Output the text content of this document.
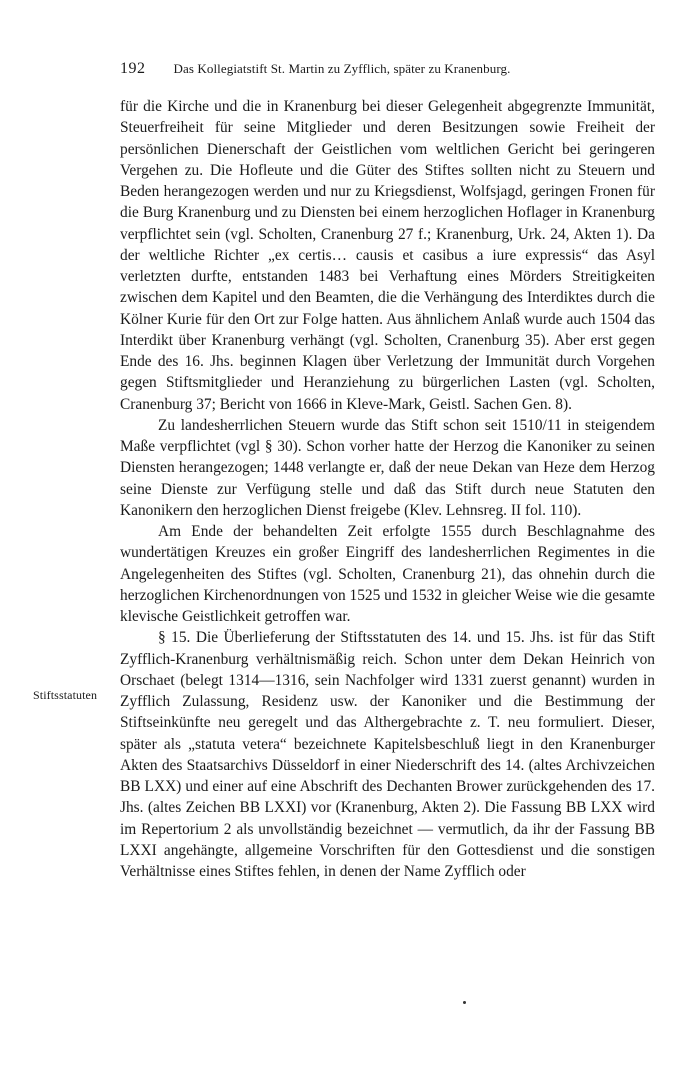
192 Das Kollegiatstift St. Martin zu Zyfflich, später zu Kranenburg.
Stiftsstatuten

für die Kirche und die in Kranenburg bei dieser Gelegenheit abgegrenzte Immunität, Steuerfreiheit für seine Mitglieder und deren Besitzungen sowie Freiheit der persönlichen Dienerschaft der Geistlichen vom weltlichen Gericht bei geringeren Vergehen zu. Die Hofleute und die Güter des Stiftes sollten nicht zu Steuern und Beden herangezogen werden und nur zu Kriegsdienst, Wolfsjagd, geringen Fronen für die Burg Kranenburg und zu Diensten bei einem herzoglichen Hoflager in Kranenburg verpflichtet sein (vgl. Scholten, Cranenburg 27 f.; Kranenburg, Urk. 24, Akten 1). Da der weltliche Richter „ex certis… causis et casibus a iure expressis“ das Asyl verletzten durfte, entstanden 1483 bei Verhaftung eines Mörders Streitigkeiten zwischen dem Kapitel und den Beamten, die die Verhängung des Interdiktes durch die Kölner Kurie für den Ort zur Folge hatten. Aus ähnlichem Anlaß wurde auch 1504 das Interdikt über Kranenburg verhängt (vgl. Scholten, Cranenburg 35). Aber erst gegen Ende des 16. Jhs. beginnen Klagen über Verletzung der Immunität durch Vorgehen gegen Stiftsmitglieder und Heranziehung zu bürgerlichen Lasten (vgl. Scholten, Cranenburg 37; Bericht von 1666 in Kleve-Mark, Geistl. Sachen Gen. 8).

Zu landesherrlichen Steuern wurde das Stift schon seit 1510/11 in steigendem Maße verpflichtet (vgl § 30). Schon vorher hatte der Herzog die Kanoniker zu seinen Diensten herangezogen; 1448 verlangte er, daß der neue Dekan van Heze dem Herzog seine Dienste zur Verfügung stelle und daß das Stift durch neue Statuten den Kanonikern den herzoglichen Dienst freigebe (Klev. Lehnsreg. II fol. 110).

Am Ende der behandelten Zeit erfolgte 1555 durch Beschlagnahme des wundertätigen Kreuzes ein großer Eingriff des landesherrlichen Regimentes in die Angelegenheiten des Stiftes (vgl. Scholten, Cranenburg 21), das ohnehin durch die herzoglichen Kirchenordnungen von 1525 und 1532 in gleicher Weise wie die gesamte klevische Geistlichkeit getroffen war.

§ 15. Die Überlieferung der Stiftsstatuten des 14. und 15. Jhs. ist für das Stift Zyfflich-Kranenburg verhältnismäßig reich. Schon unter dem Dekan Heinrich von Orschaet (belegt 1314—1316, sein Nachfolger wird 1331 zuerst genannt) wurden in Zyfflich Zulassung, Residenz usw. der Kanoniker und die Bestimmung der Stiftseinkünfte neu geregelt und das Althergebrachte z. T. neu formuliert. Dieser, später als „statuta vetera“ bezeichnete Kapitelsbeschluß liegt in den Kranenburger Akten des Staatsarchivs Düsseldorf in einer Niederschrift des 14. (altes Archivzeichen BB LXX) und einer auf eine Abschrift des Dechanten Brower zurückgehenden des 17. Jhs. (altes Zeichen BB LXXI) vor (Kranenburg, Akten 2). Die Fassung BB LXX wird im Repertorium 2 als unvollständig bezeichnet — vermutlich, da ihr der Fassung BB LXXI angehängte, allgemeine Vorschriften für den Gottesdienst und die sonstigen Verhältnisse eines Stiftes fehlen, in denen der Name Zyfflich oder
